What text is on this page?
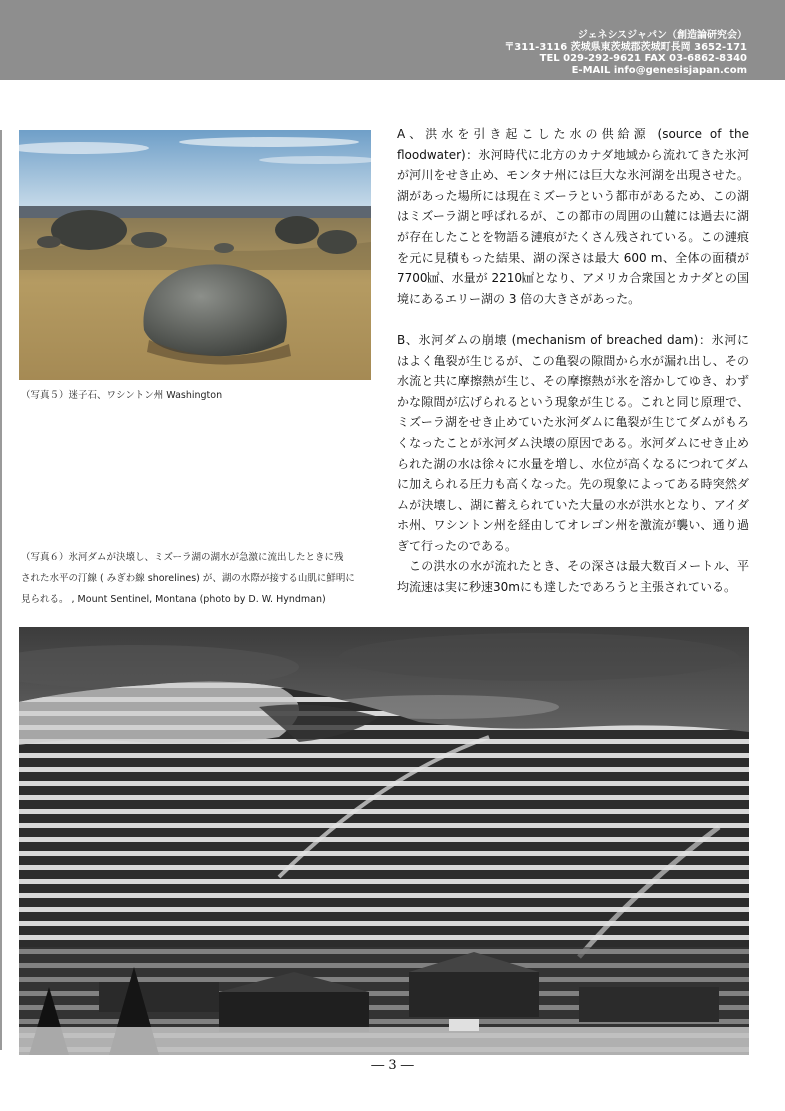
ジェネシスジャパン（創造論研究会）
〒311-3116 茨城県東茨城郡茨城町長岡 3652-171
TEL 029-292-9621 FAX 03-6862-8340
E-MAIL info@genesisjapan.com
（写真５）迷子石、ワシントン州 Washington
（写真６）氷河ダムが決壊し、ミズーラ湖の湖水が急激に流出したときに残
された水平の汀線 ( みぎわ線 shorelines) が、湖の水際が接する山肌に鮮明に
見られる。 , Mount Sentinel, Montana (photo by D. W. Hyndman)

A、洪水を引き起こした水の供給源 (source of the floodwater)：氷河時代に北方のカナダ地域から流れてきた氷河が河川をせき止め、モンタナ州には巨大な氷河湖を出現させた。湖があった場所には現在ミズーラという都市があるため、この湖はミズーラ湖と呼ばれるが、この都市の周囲の山麓には過去に湖が存在したことを物語る漣痕がたくさん残されている。この漣痕を元に見積もった結果、湖の深さは最大 600 m、全体の面積が7700㎢、水量が 2210㎢となり、アメリカ合衆国とカナダとの国境にあるエリー湖の 3 倍の大きさがあった。

B、氷河ダムの崩壊 (mechanism of breached dam)：氷河にはよく亀裂が生じるが、この亀裂の隙間から水が漏れ出し、その水流と共に摩擦熱が生じ、その摩擦熱が氷を溶かしてゆき、わずかな隙間が広げられるという現象が生じる。これと同じ原理で、ミズーラ湖をせき止めていた氷河ダムに亀裂が生じてダムがもろくなったことが氷河ダム決壊の原因である。氷河ダムにせき止められた湖の水は徐々に水量を増し、水位が高くなるにつれてダムに加えられる圧力も高くなった。先の現象によってある時突然ダムが決壊し、湖に蓄えられていた大量の水が洪水となり、アイダホ州、ワシントン州を経由してオレゴン州を激流が襲い、通り過ぎて行ったのである。

この洪水の水が流れたとき、その深さは最大数百メートル、平均流速は実に秒速30mにも達したであろうと主張されている。

― 3 ―
